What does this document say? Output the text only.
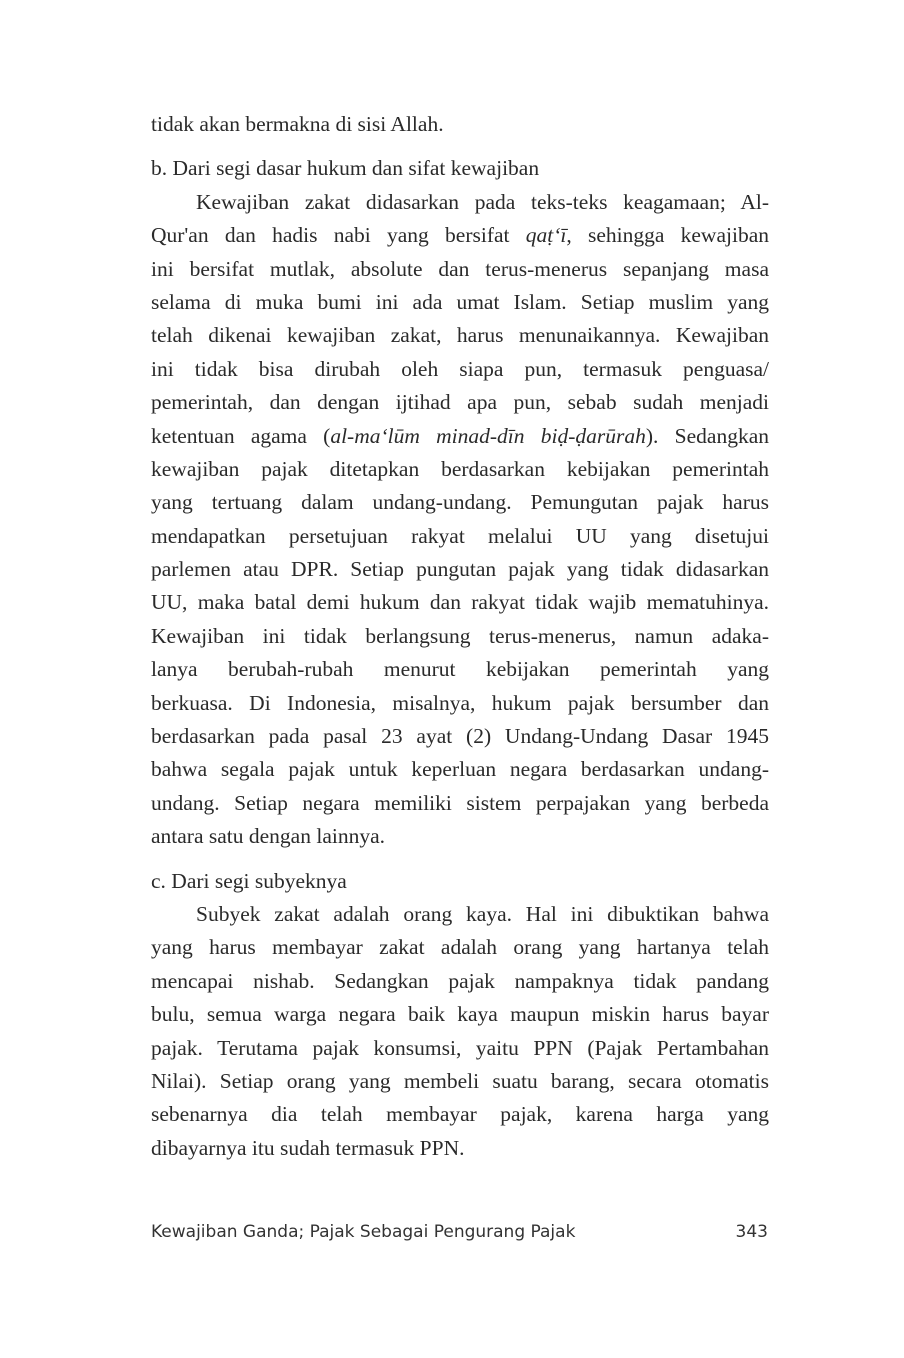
tidak akan bermakna di sisi Allah.
b. Dari segi dasar hukum dan sifat kewajiban
Kewajiban zakat didasarkan pada teks-teks keagamaan; Al-
Qur'an dan hadis nabi yang bersifat qaṭ‘ī, sehingga kewajiban
ini bersifat mutlak, absolute dan terus-menerus sepanjang masa
selama di muka bumi ini ada umat Islam. Setiap muslim yang
telah dikenai kewajiban zakat, harus menunaikannya. Kewajiban
ini tidak bisa dirubah oleh siapa pun, termasuk penguasa/
pemerintah, dan dengan ijtihad apa pun, sebab sudah menjadi
ketentuan agama (al-ma‘lūm minad-dīn biḍ-ḍarūrah). Sedangkan
kewajiban pajak ditetapkan berdasarkan kebijakan pemerintah
yang tertuang dalam undang-undang. Pemungutan pajak harus
mendapatkan persetujuan rakyat melalui UU yang disetujui
parlemen atau DPR. Setiap pungutan pajak yang tidak didasarkan
UU, maka batal demi hukum dan rakyat tidak wajib mematuhinya.
Kewajiban ini tidak berlangsung terus-menerus, namun adaka-
lanya berubah-rubah menurut kebijakan pemerintah yang
berkuasa. Di Indonesia, misalnya, hukum pajak bersumber dan
berdasarkan pada pasal 23 ayat (2) Undang-Undang Dasar 1945
bahwa segala pajak untuk keperluan negara berdasarkan undang-
undang. Setiap negara memiliki sistem perpajakan yang berbeda
antara satu dengan lainnya.
c. Dari segi subyeknya
Subyek zakat adalah orang kaya. Hal ini dibuktikan bahwa
yang harus membayar zakat adalah orang yang hartanya telah
mencapai nishab. Sedangkan pajak nampaknya tidak pandang
bulu, semua warga negara baik kaya maupun miskin harus bayar
pajak. Terutama pajak konsumsi, yaitu PPN (Pajak Pertambahan
Nilai). Setiap orang yang membeli suatu barang, secara otomatis
sebenarnya dia telah membayar pajak, karena harga yang
dibayarnya itu sudah termasuk PPN.
Kewajiban Ganda; Pajak Sebagai Pengurang Pajak	343
